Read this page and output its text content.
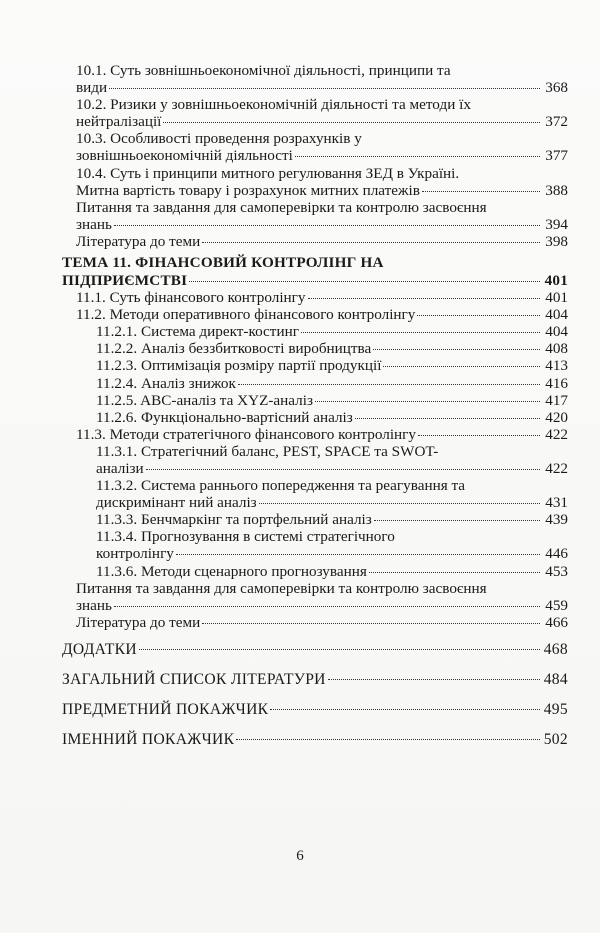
10.1. Суть зовнішньоекономічної діяльності, принципи та
види	368
10.2. Ризики у зовнішньоекономічній діяльності та методи їх
нейтралізації	372
10.3. Особливості проведення розрахунків у
зовнішньоекономічній діяльності	377
10.4. Суть і принципи митного регулювання ЗЕД в Україні.
Митна вартість товару і розрахунок митних платежів	388
Питання та завдання для самоперевірки та контролю засвоєння
знань	394
Література до теми	398
ТЕМА 11. ФІНАНСОВИЙ КОНТРОЛІНГ НА
ПІДПРИЄМСТВІ	401
11.1. Суть фінансового контролінгу	401
11.2. Методи оперативного фінансового контролінгу	404
11.2.1. Система директ-костинг	404
11.2.2. Аналіз беззбитковості виробництва	408
11.2.3. Оптимізація розміру партії продукції	413
11.2.4. Аналіз знижок	416
11.2.5. ABC-аналіз та XYZ-аналіз	417
11.2.6. Функціонально-вартісний аналіз	420
11.3. Методи стратегічного фінансового контролінгу	422
11.3.1. Стратегічний баланс, PEST, SPACE та SWOT-
аналізи	422
11.3.2. Система раннього попередження та реагування та
дискримінант ний аналіз	431
11.3.3. Бенчмаркінг та портфельний аналіз	439
11.3.4. Прогнозування в системі стратегічного
контролінгу	446
11.3.6. Методи сценарного прогнозування	453
Питання та завдання для самоперевірки та контролю засвоєння
знань	459
Література до теми	466
ДОДАТКИ	468
ЗАГАЛЬНИЙ СПИСОК ЛІТЕРАТУРИ	484
ПРЕДМЕТНИЙ ПОКАЖЧИК	495
ІМЕННИЙ ПОКАЖЧИК	502
6
